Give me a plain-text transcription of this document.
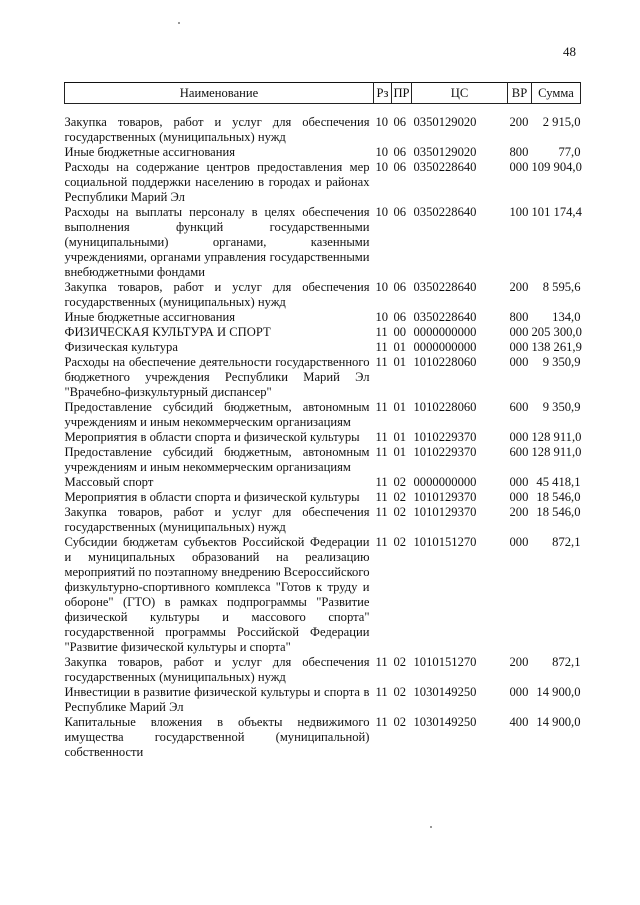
48
Наименование	Рз	ПР	ЦС	ВР	Сумма
Закупка товаров, работ и услуг для обеспечения государственных (муниципальных) нужд	10	06	0350129020	200	2 915,0
Иные бюджетные ассигнования	10	06	0350129020	800	77,0
Расходы на содержание центров предоставления мер социальной поддержки населению в городах и районах Республики Марий Эл	10	06	0350228640	000	109 904,0
Расходы на выплаты персоналу в целях обеспечения выполнения функций государственными (муниципальными) органами, казенными учреждениями, органами управления государственными внебюджетными фондами	10	06	0350228640	100	101 174,4
Закупка товаров, работ и услуг для обеспечения государственных (муниципальных) нужд	10	06	0350228640	200	8 595,6
Иные бюджетные ассигнования	10	06	0350228640	800	134,0
ФИЗИЧЕСКАЯ КУЛЬТУРА И СПОРТ	11	00	0000000000	000	205 300,0
Физическая культура	11	01	0000000000	000	138 261,9
Расходы на обеспечение деятельности государственного бюджетного учреждения Республики Марий Эл "Врачебно-физкультурный диспансер"	11	01	1010228060	000	9 350,9
Предоставление субсидий бюджетным, автономным учреждениям и иным некоммерческим организациям	11	01	1010228060	600	9 350,9
Мероприятия в области спорта и физической культуры	11	01	1010229370	000	128 911,0
Предоставление субсидий бюджетным, автономным учреждениям и иным некоммерческим организациям	11	01	1010229370	600	128 911,0
Массовый спорт	11	02	0000000000	000	45 418,1
Мероприятия в области спорта и физической культуры	11	02	1010129370	000	18 546,0
Закупка товаров, работ и услуг для обеспечения государственных (муниципальных) нужд	11	02	1010129370	200	18 546,0
Субсидии бюджетам субъектов Российской Федерации и муниципальных образований на реализацию мероприятий по поэтапному внедрению Всероссийского физкультурно-спортивного комплекса "Готов к труду и обороне" (ГТО) в рамках подпрограммы "Развитие физической культуры и массового спорта" государственной программы Российской Федерации "Развитие физической культуры и спорта"	11	02	1010151270	000	872,1
Закупка товаров, работ и услуг для обеспечения государственных (муниципальных) нужд	11	02	1010151270	200	872,1
Инвестиции в развитие физической культуры и спорта в Республике Марий Эл	11	02	1030149250	000	14 900,0
Капитальные вложения в объекты недвижимого имущества государственной (муниципальной) собственности	11	02	1030149250	400	14 900,0
